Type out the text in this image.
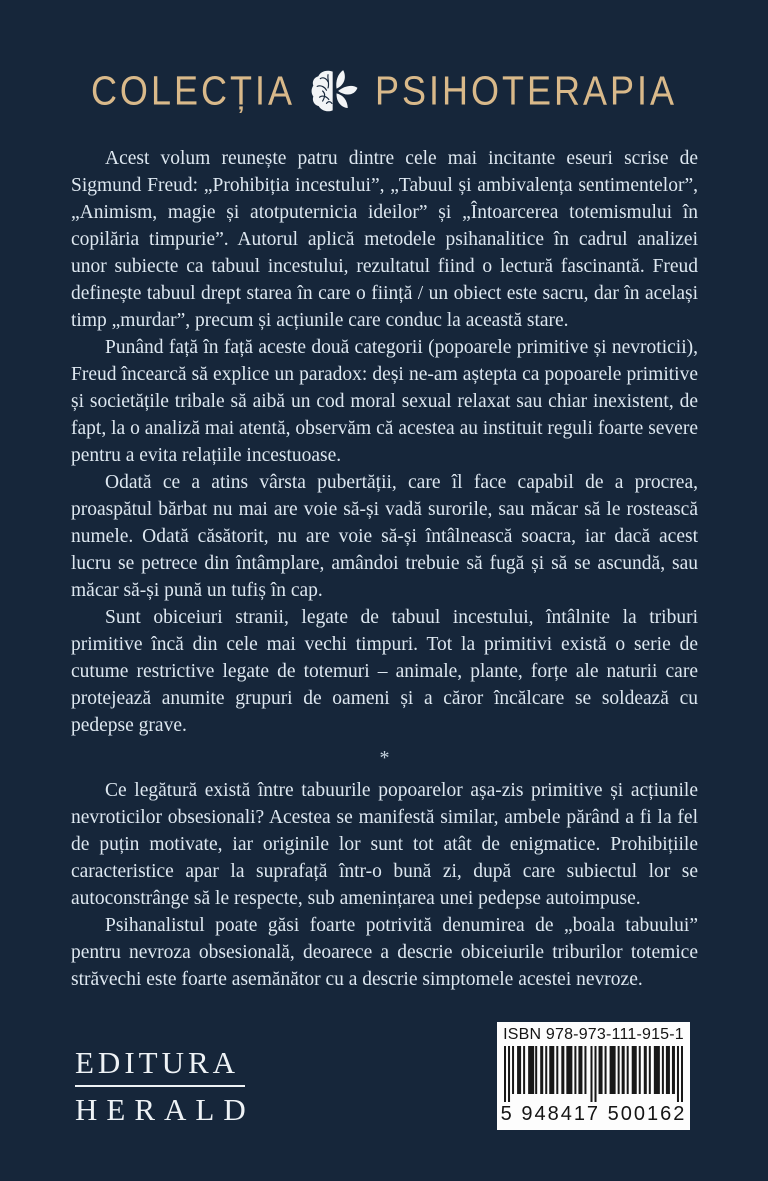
COLECȚIA PSIHOTERAPIA

Acest volum reunește patru dintre cele mai incitante eseuri scrise de Sigmund Freud: „Prohibiția incestului”, „Tabuul și ambivalența sentimentelor”, „Animism, magie și atotputernicia ideilor” și „Întoarcerea totemismului în copilăria timpurie”. Autorul aplică metodele psihanalitice în cadrul analizei unor subiecte ca tabuul incestului, rezultatul fiind o lectură fascinantă. Freud definește tabuul drept starea în care o ființă / un obiect este sacru, dar în același timp „murdar”, precum și acțiunile care conduc la această stare.

Punând față în față aceste două categorii (popoarele primitive și nevroticii), Freud încearcă să explice un paradox: deși ne-am aștepta ca popoarele primitive și societățile tribale să aibă un cod moral sexual relaxat sau chiar inexistent, de fapt, la o analiză mai atentă, observăm că acestea au instituit reguli foarte severe pentru a evita relațiile incestuoase.

Odată ce a atins vârsta pubertății, care îl face capabil de a procrea, proaspătul bărbat nu mai are voie să-și vadă surorile, sau măcar să le rostească numele. Odată căsătorit, nu are voie să-și întâlnească soacra, iar dacă acest lucru se petrece din întâmplare, amândoi trebuie să fugă și să se ascundă, sau măcar să-și pună un tufiș în cap.

Sunt obiceiuri stranii, legate de tabuul incestului, întâlnite la triburi primitive încă din cele mai vechi timpuri. Tot la primitivi există o serie de cutume restrictive legate de totemuri – animale, plante, forțe ale naturii care protejează anumite grupuri de oameni și a căror încălcare se soldează cu pedepse grave.

*

Ce legătură există între tabuurile popoarelor așa-zis primitive și acțiunile nevroticilor obsesionali? Acestea se manifestă similar, ambele părând a fi la fel de puțin motivate, iar originile lor sunt tot atât de enigmatice. Prohibițiile caracteristice apar la suprafață într-o bună zi, după care subiectul lor se autoconstrânge să le respecte, sub amenințarea unei pedepse autoimpuse.

Psihanalistul poate găsi foarte potrivită denumirea de „boala tabuului” pentru nevroza obsesională, deoarece a descrie obiceiurile triburilor totemice străvechi este foarte asemănător cu a descrie simptomele acestei nevroze.

EDITURA
HERALD
ISBN 978-973-111-915-1
5 948417 500162
